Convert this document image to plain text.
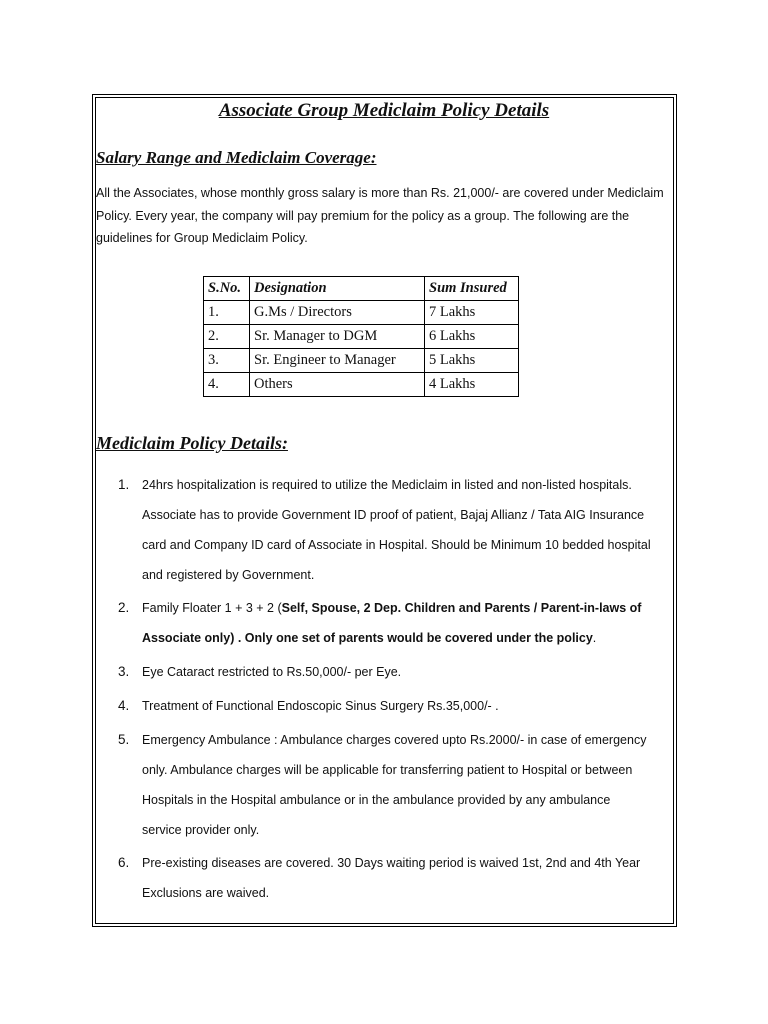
Associate Group Mediclaim Policy Details
Salary Range and Mediclaim Coverage:
All the Associates, whose monthly gross salary is more than Rs. 21,000/- are covered under Mediclaim Policy. Every year, the company will pay premium for the policy as a group. The following are the guidelines for Group Mediclaim Policy.
S.No.	Designation	Sum Insured
1.	G.Ms / Directors	7 Lakhs
2.	Sr. Manager to DGM	6 Lakhs
3.	Sr. Engineer to Manager	5 Lakhs
4.	Others	4 Lakhs
Mediclaim Policy Details:
1. 24hrs hospitalization is required to utilize the Mediclaim in listed and non-listed hospitals. Associate has to provide Government ID proof of patient, Bajaj Allianz / Tata AIG Insurance card and Company ID card of Associate in Hospital. Should be Minimum 10 bedded hospital and registered by Government.
2. Family Floater 1 + 3 + 2 (Self, Spouse, 2 Dep. Children and Parents / Parent-in-laws of Associate only) . Only one set of parents would be covered under the policy.
3. Eye Cataract restricted to Rs.50,000/- per Eye.
4. Treatment of Functional Endoscopic Sinus Surgery Rs.35,000/- .
5. Emergency Ambulance : Ambulance charges covered upto Rs.2000/- in case of emergency only. Ambulance charges will be applicable for transferring patient to Hospital or between Hospitals in the Hospital ambulance or in the ambulance provided by any ambulance service provider only.
6. Pre-existing diseases are covered. 30 Days waiting period is waived 1st, 2nd and 4th Year Exclusions are waived.
